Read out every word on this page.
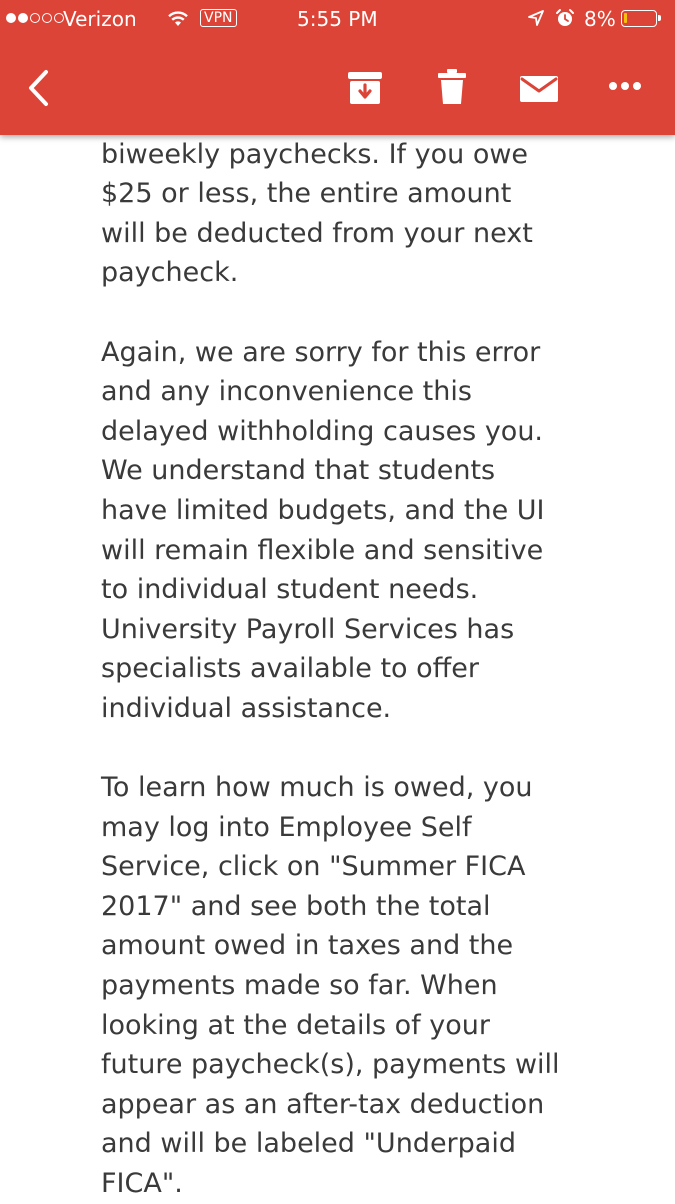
Verizon	VPN	5:55 PM	8%
biweekly paychecks. If you owe
$25 or less, the entire amount
will be deducted from your next
paycheck.
Again, we are sorry for this error
and any inconvenience this
delayed withholding causes you.
We understand that students
have limited budgets, and the UI
will remain flexible and sensitive
to individual student needs.
University Payroll Services has
specialists available to offer
individual assistance.
To learn how much is owed, you
may log into Employee Self
Service, click on "Summer FICA
2017" and see both the total
amount owed in taxes and the
payments made so far. When
looking at the details of your
future paycheck(s), payments will
appear as an after-tax deduction
and will be labeled "Underpaid
FICA".
